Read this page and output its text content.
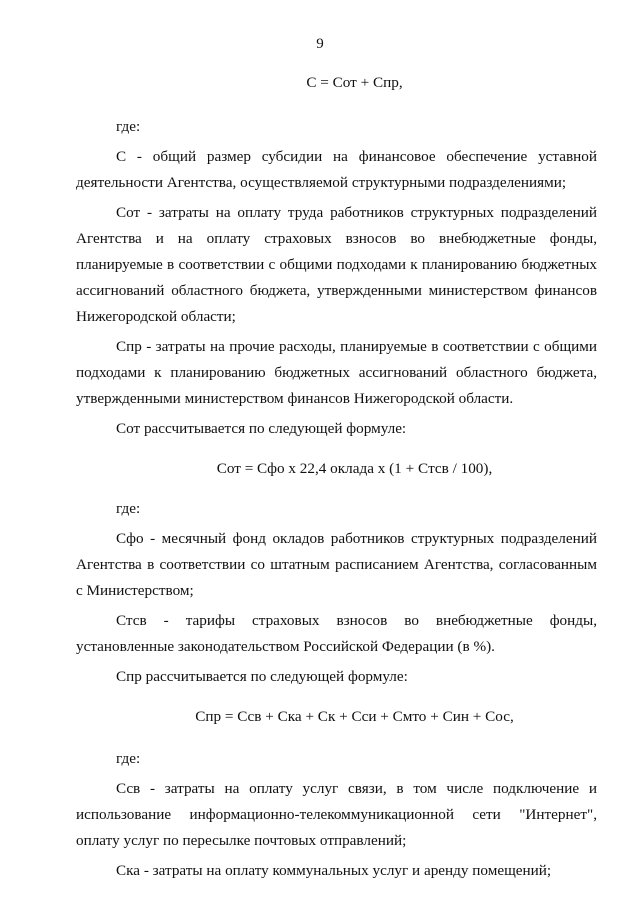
9

С = Сот + Спр,

где:

С - общий размер субсидии на финансовое обеспечение уставной деятельности Агентства, осуществляемой структурными подразделениями;

Сот - затраты на оплату труда работников структурных подразделений Агентства и на оплату страховых взносов во внебюджетные фонды, планируемые в соответствии с общими подходами к планированию бюджетных ассигнований областного бюджета, утвержденными министерством финансов Нижегородской области;

Спр - затраты на прочие расходы, планируемые в соответствии с общими подходами к планированию бюджетных ассигнований областного бюджета, утвержденными министерством финансов Нижегородской области.

Сот рассчитывается по следующей формуле:

Сот = Сфо х 22,4 оклада х (1 + Cтсв / 100),

где:

Сфо - месячный фонд окладов работников структурных подразделений Агентства в соответствии со штатным расписанием Агентства, согласованным с Министерством;

Стсв - тарифы страховых взносов во внебюджетные фонды, установленные законодательством Российской Федерации (в %).

Спр рассчитывается по следующей формуле:

Спр = Ссв + Cка + Ск + Cси + Смто + Син + Сос,

где:

Ссв - затраты на оплату услуг связи, в том числе подключение и использование информационно-телекоммуникационной сети "Интернет", оплату услуг по пересылке почтовых отправлений;

Ска - затраты на оплату коммунальных услуг и аренду помещений;
